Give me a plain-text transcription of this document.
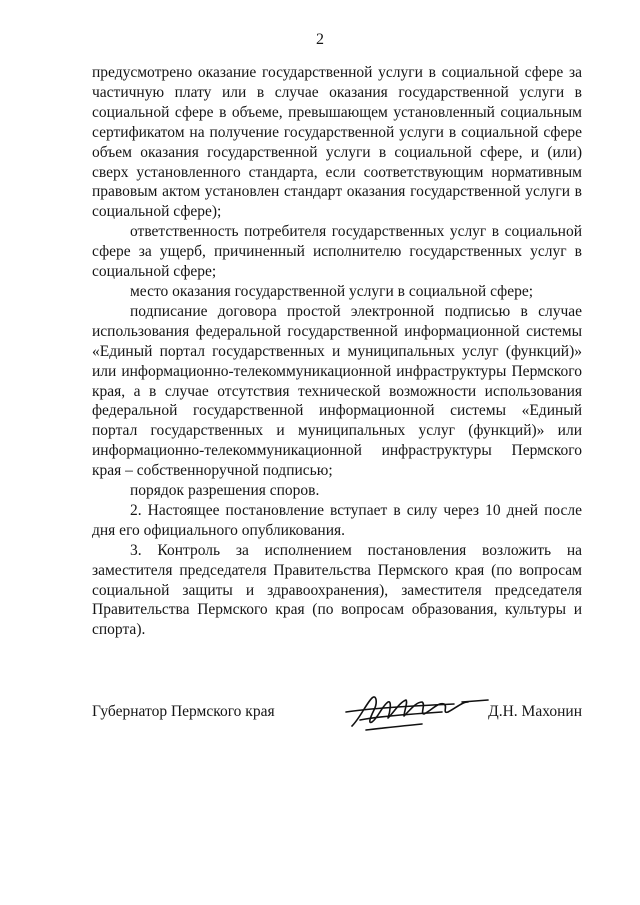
2

предусмотрено оказание государственной услуги в социальной сфере за частичную плату или в случае оказания государственной услуги в социальной сфере в объеме, превышающем установленный социальным сертификатом на получение государственной услуги в социальной сфере объем оказания государственной услуги в социальной сфере, и (или) сверх установленного стандарта, если соответствующим нормативным правовым актом установлен стандарт оказания государственной услуги в социальной сфере);

ответственность потребителя государственных услуг в социальной сфере за ущерб, причиненный исполнителю государственных услуг в социальной сфере;

место оказания государственной услуги в социальной сфере;

подписание договора простой электронной подписью в случае использования федеральной государственной информационной системы «Единый портал государственных и муниципальных услуг (функций)» или информационно-телекоммуникационной инфраструктуры Пермского края, а в случае отсутствия технической возможности использования федеральной государственной информационной системы «Единый портал государственных и муниципальных услуг (функций)» или информационно-телекоммуникационной инфраструктуры Пермского края – собственноручной подписью;

порядок разрешения споров.

2. Настоящее постановление вступает в силу через 10 дней после дня его официального опубликования.

3. Контроль за исполнением постановления возложить на заместителя председателя Правительства Пермского края (по вопросам социальной защиты и здравоохранения), заместителя председателя Правительства Пермского края (по вопросам образования, культуры и спорта).

Губернатор Пермского края	Д.Н. Махонин
